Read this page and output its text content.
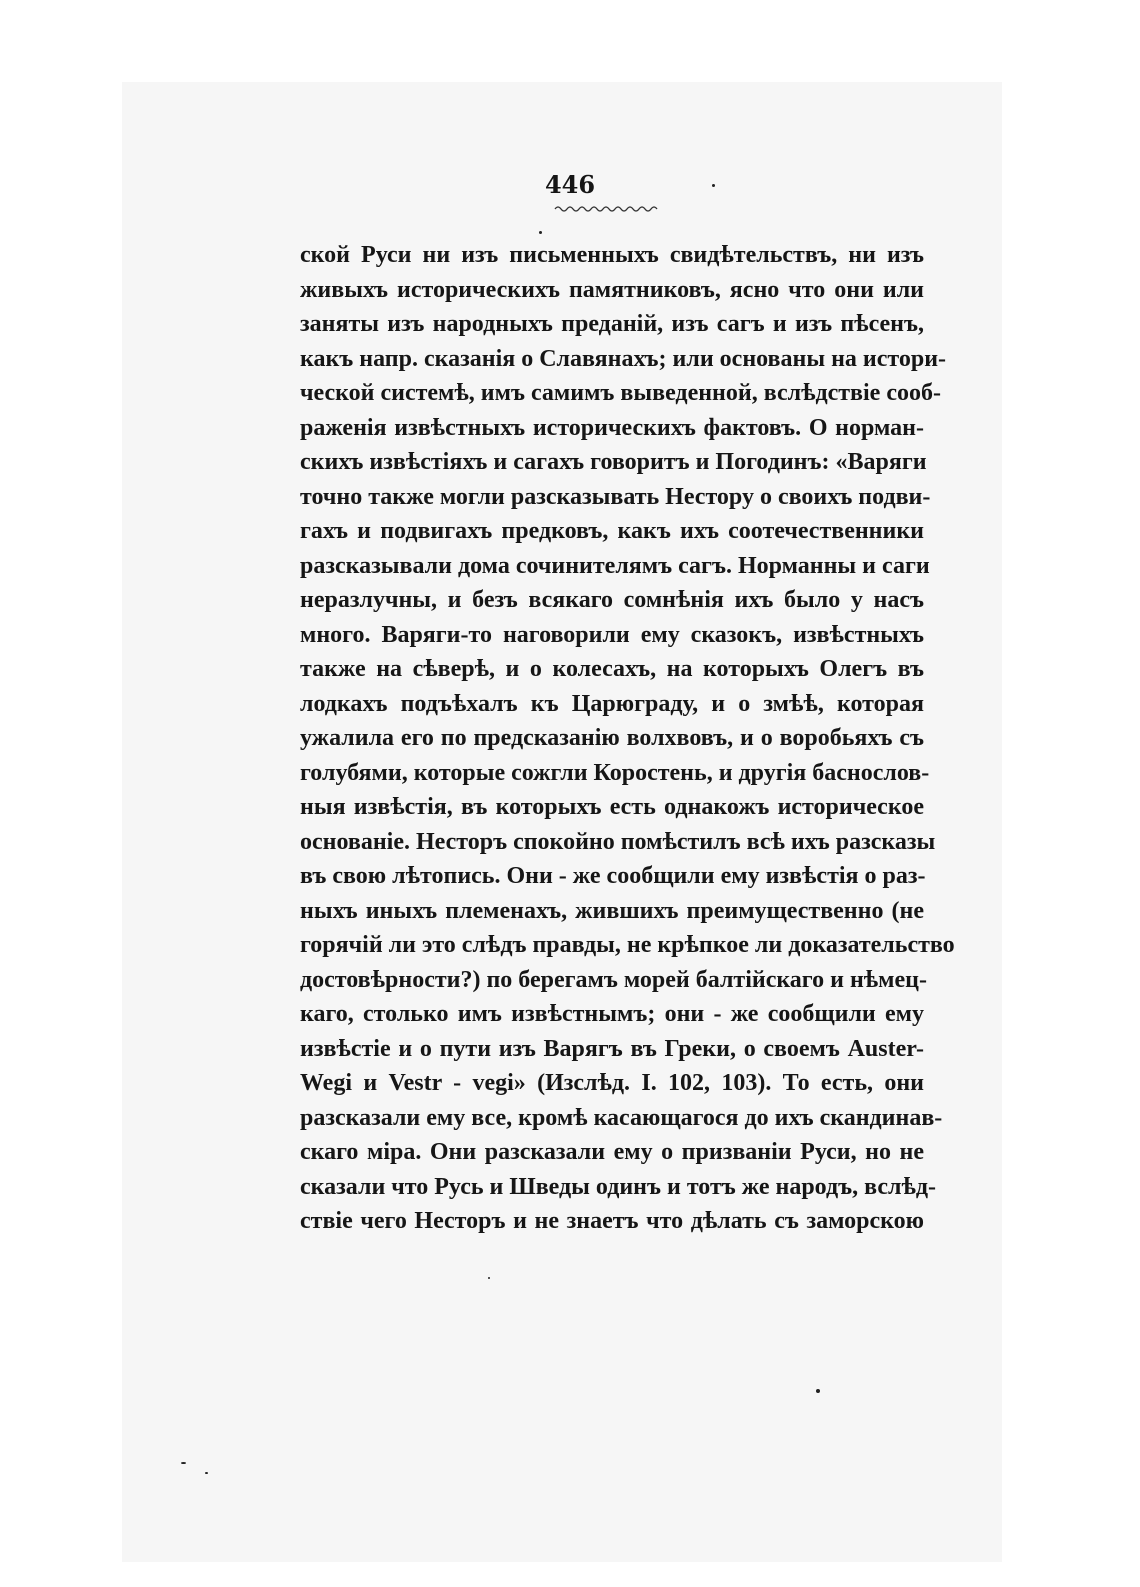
446
ской Руси ни изъ письменныхъ свидѣтельствъ, ни изъ
живыхъ историческихъ памятниковъ, ясно что они или
заняты изъ народныхъ преданій, изъ сагъ и изъ пѣсенъ,
какъ напр. сказанія о Славянахъ; или основаны на истори-
ческой системѣ, имъ самимъ выведенной, вслѣдствіе сооб-
раженія извѣстныхъ историческихъ фактовъ. О норман-
скихъ извѣстіяхъ и сагахъ говоритъ и Погодинъ: «Варяги
точно также могли разсказывать Нестору о своихъ подви-
гахъ и подвигахъ предковъ, какъ ихъ соотечественники
разсказывали дома сочинителямъ сагъ. Норманны и саги
неразлучны, и безъ всякаго сомнѣнія ихъ было у насъ
много. Варяги-то наговорили ему сказокъ, извѣстныхъ
также на сѣверѣ, и о колесахъ, на которыхъ Олегъ въ
лодкахъ подъѣхалъ къ Царюграду, и о змѣѣ, которая
ужалила его по предсказанію волхвовъ, и о воробьяхъ съ
голубями, которые сожгли Коростень, и другія баснослов-
ныя извѣстія, въ которыхъ есть однакожъ историческое
основаніе. Несторъ спокойно помѣстилъ всѣ ихъ разсказы
въ свою лѣтопись. Они - же сообщили ему извѣстія о раз-
ныхъ иныхъ племенахъ, жившихъ преимущественно (не
горячій ли это слѣдъ правды, не крѣпкое ли доказательство
достовѣрности?) по берегамъ морей балтійскаго и нѣмец-
каго, столько имъ извѣстнымъ; они - же сообщили ему
извѣстіе и о пути изъ Варягъ въ Греки, о своемъ Auster-
Wegi и Vestr - vegi» (Изслѣд. I. 102, 103). То есть, они
разсказали ему все, кромѣ касающагося до ихъ скандинав-
скаго міра. Они разсказали ему о призваніи Руси, но не
сказали что Русь и Шведы одинъ и тотъ же народъ, вслѣд-
ствіе чего Несторъ и не знаетъ что дѣлать съ заморскою
